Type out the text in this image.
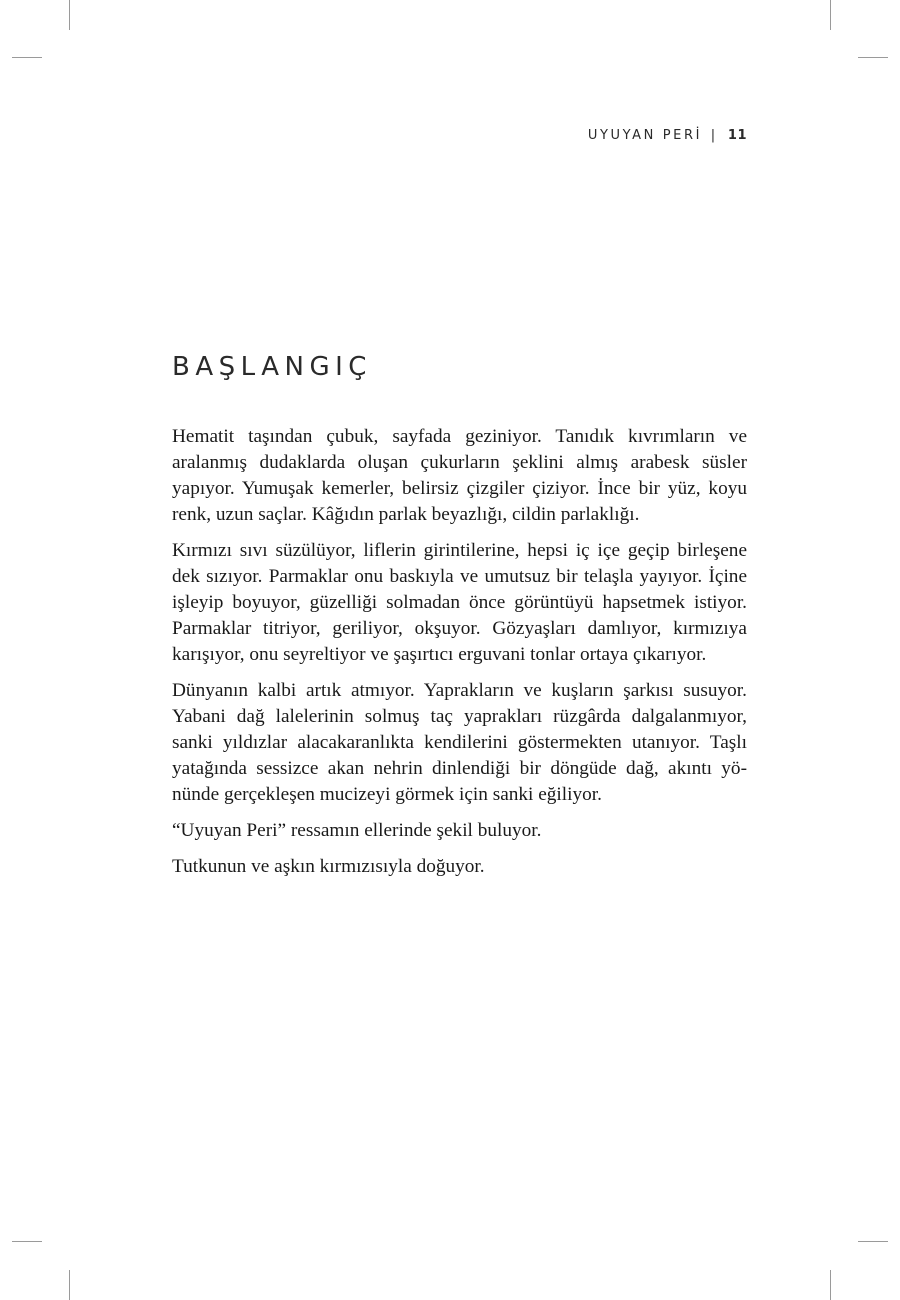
UYUYAN PERİ | 11
BAŞLANGIÇ

Hematit taşından çubuk, sayfada geziniyor. Tanıdık kıvrımların ve aralanmış dudaklarda oluşan çukurların şeklini almış arabesk süsler yapıyor. Yumuşak kemerler, belirsiz çizgiler çiziyor. İnce bir yüz, koyu renk, uzun saçlar. Kâğıdın parlak beyazlığı, cildin parlaklığı.

Kırmızı sıvı süzülüyor, liflerin girintilerine, hepsi iç içe geçip birleşene dek sızıyor. Parmaklar onu baskıyla ve umutsuz bir telaşla yayıyor. İçine işleyip boyuyor, güzelliği solmadan önce görüntüyü hapsetmek istiyor. Parmaklar titriyor, geriliyor, okşuyor. Gözyaşları damlıyor, kırmızıya karışıyor, onu seyreltiyor ve şaşırtıcı erguvani tonlar ortaya çıkarıyor.

Dünyanın kalbi artık atmıyor. Yaprakların ve kuşların şarkısı susuyor. Yabani dağ lalelerinin solmuş taç yaprakları rüzgârda dalgalanmıyor, sanki yıldızlar alacakaranlıkta kendilerini göstermekten utanıyor. Taşlı yatağında sessizce akan nehrin dinlendiği bir döngüde dağ, akıntı yönünde gerçekleşen mucizeyi görmek için sanki eğiliyor.

“Uyuyan Peri” ressamın ellerinde şekil buluyor.

Tutkunun ve aşkın kırmızısıyla doğuyor.
